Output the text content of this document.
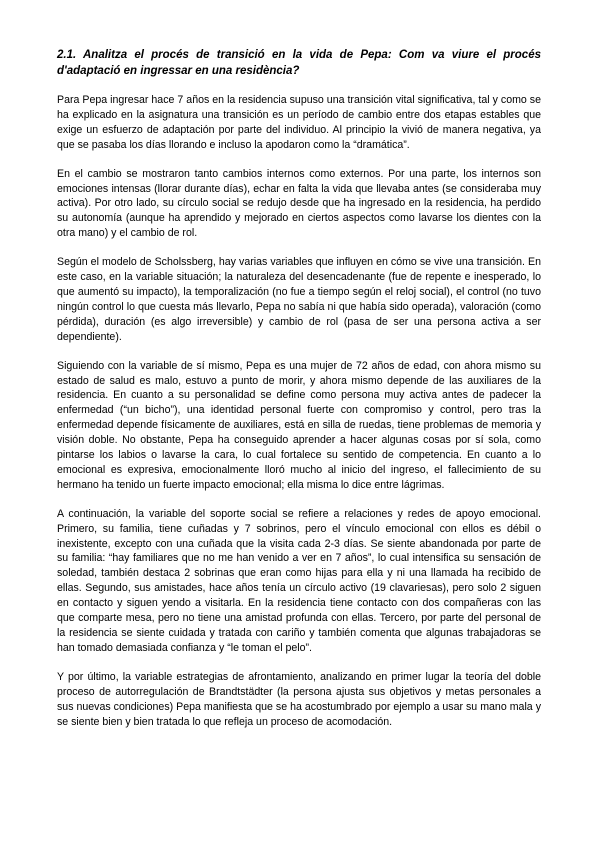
2.1. Analitza el procés de transició en la vida de Pepa: Com va viure el procés d'adaptació en ingressar en una residència?

Para Pepa ingresar hace 7 años en la residencia supuso una transición vital significativa, tal y como se ha explicado en la asignatura una transición es un período de cambio entre dos etapas estables que exige un esfuerzo de adaptación por parte del individuo. Al principio la vivió de manera negativa, ya que se pasaba los días llorando e incluso la apodaron como la “dramática”.

En el cambio se mostraron tanto cambios internos como externos. Por una parte, los internos son emociones intensas (llorar durante días), echar en falta la vida que llevaba antes (se consideraba muy activa). Por otro lado, su círculo social se redujo desde que ha ingresado en la residencia, ha perdido su autonomía (aunque ha aprendido y mejorado en ciertos aspectos como lavarse los dientes con la otra mano) y el cambio de rol.

Según el modelo de Scholssberg, hay varias variables que influyen en cómo se vive una transición. En este caso, en la variable situación; la naturaleza del desencadenante (fue de repente e inesperado, lo que aumentó su impacto), la temporalización (no fue a tiempo según el reloj social), el control (no tuvo ningún control lo que cuesta más llevarlo, Pepa no sabía ni que había sido operada), valoración (como pérdida), duración (es algo irreversible) y cambio de rol (pasa de ser una persona activa a ser dependiente).

Siguiendo con la variable de sí mismo, Pepa es una mujer de 72 años de edad, con ahora mismo su estado de salud es malo, estuvo a punto de morir, y ahora mismo depende de las auxiliares de la residencia. En cuanto a su personalidad se define como persona muy activa antes de padecer la enfermedad (“un bicho”), una identidad personal fuerte con compromiso y control, pero tras la enfermedad depende físicamente de auxiliares, está en silla de ruedas, tiene problemas de memoria y visión doble. No obstante, Pepa ha conseguido aprender a hacer algunas cosas por sí sola, como pintarse los labios o lavarse la cara, lo cual fortalece su sentido de competencia. En cuanto a lo emocional es expresiva, emocionalmente lloró mucho al inicio del ingreso, el fallecimiento de su hermano ha tenido un fuerte impacto emocional; ella misma lo dice entre lágrimas.

A continuación, la variable del soporte social se refiere a relaciones y redes de apoyo emocional. Primero, su familia, tiene cuñadas y 7 sobrinos, pero el vínculo emocional con ellos es débil o inexistente, excepto con una cuñada que la visita cada 2-3 días. Se siente abandonada por parte de su familia: “hay familiares que no me han venido a ver en 7 años”, lo cual intensifica su sensación de soledad, también destaca 2 sobrinas que eran como hijas para ella y ni una llamada ha recibido de ellas. Segundo, sus amistades, hace años tenía un círculo activo (19 clavariesas), pero solo 2 siguen en contacto y siguen yendo a visitarla. En la residencia tiene contacto con dos compañeras con las que comparte mesa, pero no tiene una amistad profunda con ellas. Tercero, por parte del personal de la residencia se siente cuidada y tratada con cariño y también comenta que algunas trabajadoras se han tomado demasiada confianza y “le toman el pelo”.

Y por último, la variable estrategias de afrontamiento, analizando en primer lugar la teoría del doble proceso de autorregulación de Brandtstädter (la persona ajusta sus objetivos y metas personales a sus nuevas condiciones) Pepa manifiesta que se ha acostumbrado por ejemplo a usar su mano mala y se siente bien y bien tratada lo que refleja un proceso de acomodación.
